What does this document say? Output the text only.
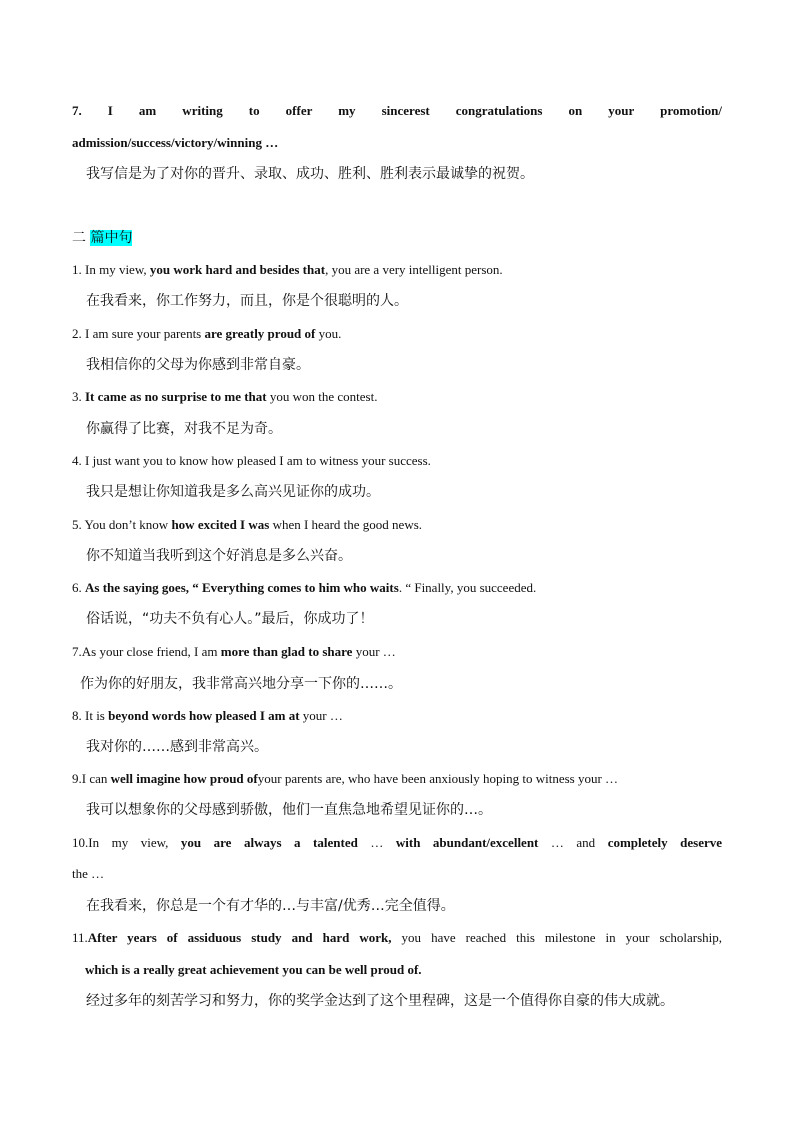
7. I am writing to offer my sincerest congratulations on your promotion/
admission/success/victory/winning …
我写信是为了对你的晋升、录取、成功、胜利、胜利表示最诚挚的祝贺。
二 篇中句
1. In my view, you work hard and besides that, you are a very intelligent person.
在我看来，你工作努力，而且，你是个很聪明的人。
2. I am sure your parents are greatly proud of you.
我相信你的父母为你感到非常自豪。
3. It came as no surprise to me that you won the contest.
你赢得了比赛，对我不足为奇。
4. I just want you to know how pleased I am to witness your success.
我只是想让你知道我是多么高兴见证你的成功。
5. You don’t know how excited I was when I heard the good news.
你不知道当我听到这个好消息是多么兴奋。
6. As the saying goes, “ Everything comes to him who waits. “ Finally, you succeeded.
俗话说，“功夫不负有心人。”最后，你成功了！
7.As your close friend, I am more than glad to share your …
作为你的好朋友，我非常高兴地分享一下你的……。
8. It is beyond words how pleased I am at your …
我对你的……感到非常高兴。
9.I can well imagine how proud ofyour parents are, who have been anxiously hoping to witness your …
我可以想象你的父母感到骄傲，他们一直焦急地希望见证你的…。
10.In my view, you are always a talented … with abundant/excellent … and completely deserve
the …
在我看来，你总是一个有才华的…与丰富/优秀…完全值得。
11.After years of assiduous study and hard work, you have reached this milestone in your scholarship,
which is a really great achievement you can be well proud of.
经过多年的刻苦学习和努力，你的奖学金达到了这个里程碑，这是一个值得你自豪的伟大成就。
